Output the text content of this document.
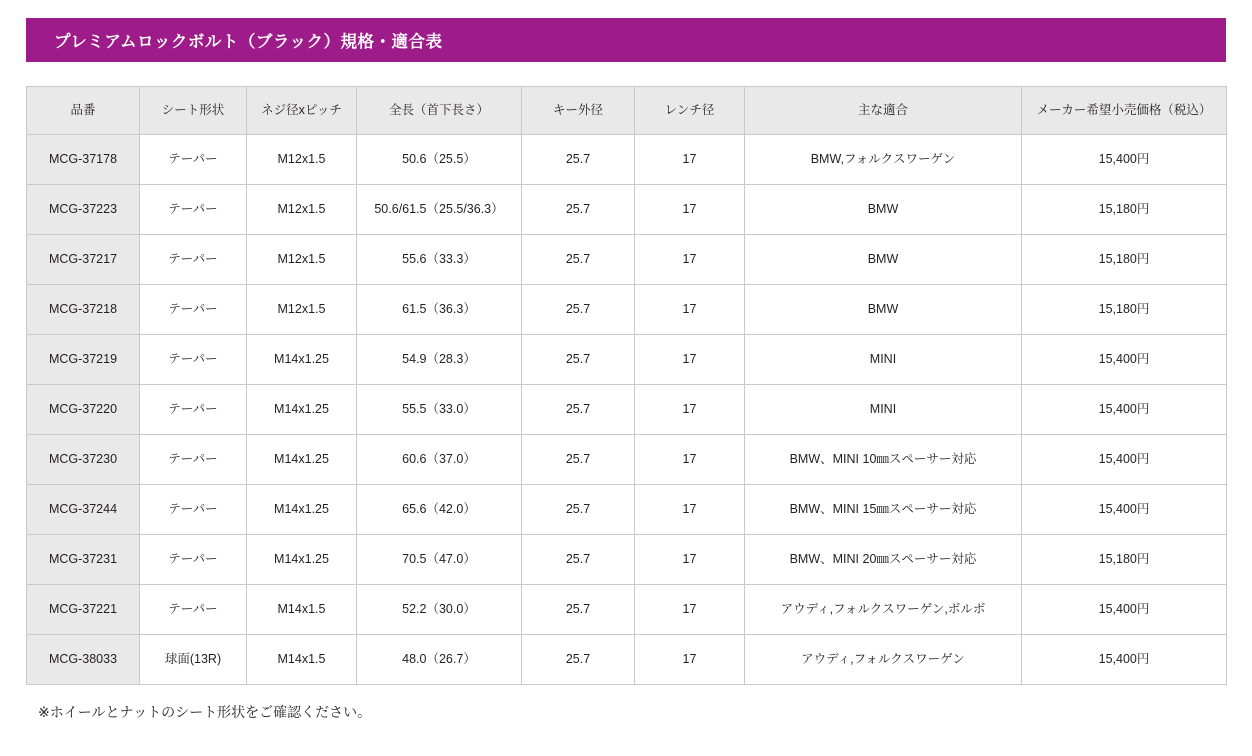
プレミアムロックボルト（ブラック）規格・適合表
品番	シート形状	ネジ径xピッチ	全長（首下長さ）	キー外径	レンチ径	主な適合	メーカー希望小売価格（税込）
MCG-37178	テーパー	M12x1.5	50.6（25.5）	25.7	17	BMW,フォルクスワーゲン	15,400円
MCG-37223	テーパー	M12x1.5	50.6/61.5（25.5/36.3）	25.7	17	BMW	15,180円
MCG-37217	テーパー	M12x1.5	55.6（33.3）	25.7	17	BMW	15,180円
MCG-37218	テーパー	M12x1.5	61.5（36.3）	25.7	17	BMW	15,180円
MCG-37219	テーパー	M14x1.25	54.9（28.3）	25.7	17	MINI	15,400円
MCG-37220	テーパー	M14x1.25	55.5（33.0）	25.7	17	MINI	15,400円
MCG-37230	テーパー	M14x1.25	60.6（37.0）	25.7	17	BMW、MINI 10㎜スペーサー対応	15,400円
MCG-37244	テーパー	M14x1.25	65.6（42.0）	25.7	17	BMW、MINI 15㎜スペーサー対応	15,400円
MCG-37231	テーパー	M14x1.25	70.5（47.0）	25.7	17	BMW、MINI 20㎜スペーサー対応	15,180円
MCG-37221	テーパー	M14x1.5	52.2（30.0）	25.7	17	アウディ,フォルクスワーゲン,ボルボ	15,400円
MCG-38033	球面(13R)	M14x1.5	48.0（26.7）	25.7	17	アウディ,フォルクスワーゲン	15,400円
※ホイールとナットのシート形状をご確認ください。
